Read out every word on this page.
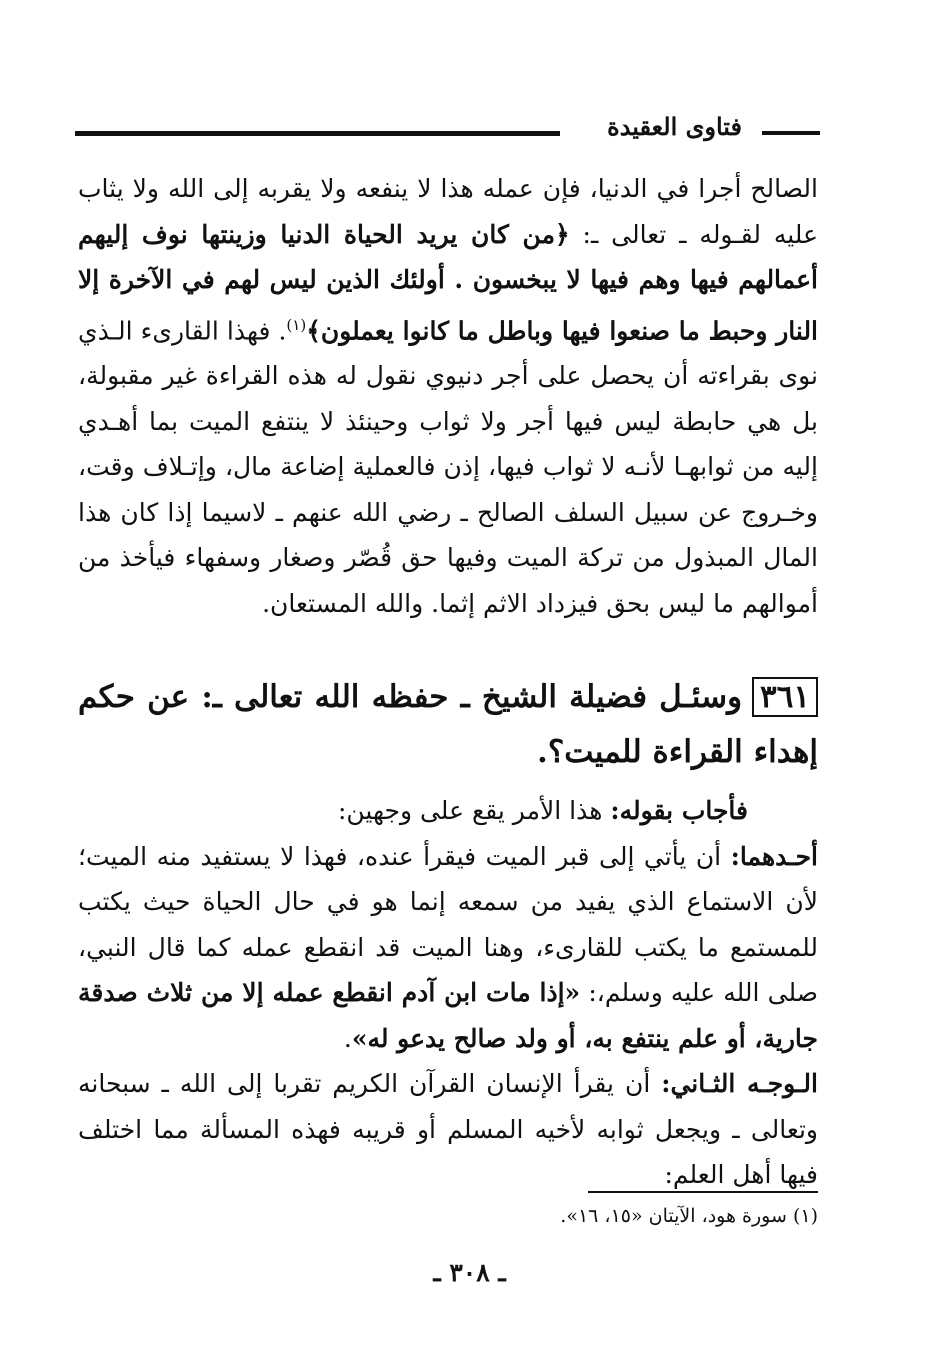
فتاوى العقيدة
الصالح أجرا في الدنيا، فإن عمله هذا لا ينفعه ولا يقربه إلى الله ولا يثاب عليه لقـوله ـ تعالى ـ: ﴿من كان يريد الحياة الدنيا وزينتها نوف إليهم أعمالهم فيها وهم فيها لا يبخسون . أولئك الذين ليس لهم في الآخرة إلا النار وحبط ما صنعوا فيها وباطل ما كانوا يعملون﴾$^{(١)}$. فهذا القارىء الـذي نوى بقراءته أن يحصل على أجر دنيوي نقول له هذه القراءة غير مقبولة، بل هي حابطة ليس فيها أجر ولا ثواب وحينئذ لا ينتفع الميت بما أهـدي إليه من ثوابهـا لأنـه لا ثواب فيها، إذن فالعملية إضاعة مال، وإتـلاف وقت، وخـروج عن سبيل السلف الصالح ـ رضي الله عنهم ـ لاسيما إذا كان هذا المال المبذول من تركة الميت وفيها حق قُصّر وصغار وسفهاء فيأخذ من أموالهم ما ليس بحق فيزداد الاثم إثما. والله المستعان.
٣٦١وسئـل فضيلة الشيخ ـ حفظه الله تعالى ـ: عن حكم إهداء القراءة للميت؟.
فأجاب بقوله: هذا الأمر يقع على وجهين:
أحـدهما: أن يأتي إلى قبر الميت فيقرأ عنده، فهذا لا يستفيد منه الميت؛ لأن الاستماع الذي يفيد من سمعه إنما هو في حال الحياة حيث يكتب للمستمع ما يكتب للقارىء، وهنا الميت قد انقطع عمله كما قال النبي، صلى الله عليه وسلم،: «إذا مات ابن آدم انقطع عمله إلا من ثلاث صدقة جارية، أو علم ينتفع به، أو ولد صالح يدعو له».
الـوجـه الثـاني: أن يقرأ الإنسان القرآن الكريم تقربا إلى الله ـ سبحانه وتعالى ـ ويجعل ثوابه لأخيه المسلم أو قريبه فهذه المسألة مما اختلف فيها أهل العلم:
(١) سورة هود، الآيتان «١٥، ١٦».
ـ ٣٠٨ ـ
